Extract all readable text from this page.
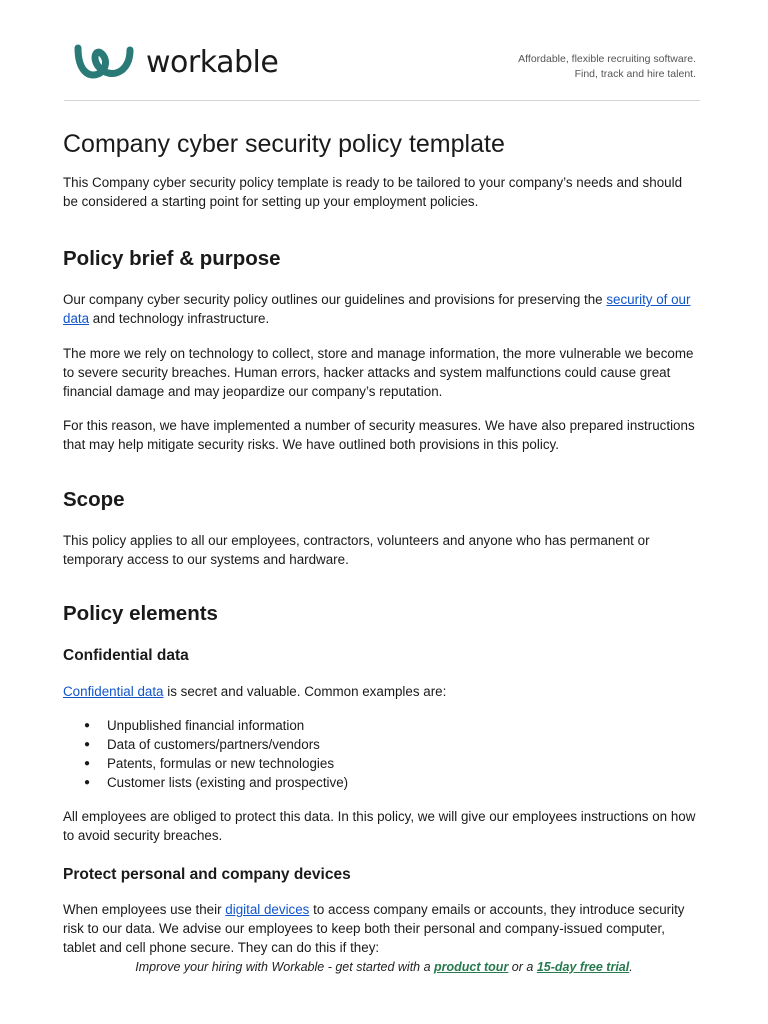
workable	Affordable, flexible recruiting software.
Find, track and hire talent.
Company cyber security policy template

This Company cyber security policy template is ready to be tailored to your company’s needs and should be considered a starting point for setting up your employment policies.

Policy brief & purpose

Our company cyber security policy outlines our guidelines and provisions for preserving the security of our data and technology infrastructure.

The more we rely on technology to collect, store and manage information, the more vulnerable we become to severe security breaches. Human errors, hacker attacks and system malfunctions could cause great financial damage and may jeopardize our company’s reputation.

For this reason, we have implemented a number of security measures. We have also prepared instructions that may help mitigate security risks. We have outlined both provisions in this policy.

Scope

This policy applies to all our employees, contractors, volunteers and anyone who has permanent or temporary access to our systems and hardware.

Policy elements
Confidential data

Confidential data is secret and valuable. Common examples are:

● Unpublished financial information
● Data of customers/partners/vendors
● Patents, formulas or new technologies
● Customer lists (existing and prospective)

All employees are obliged to protect this data. In this policy, we will give our employees instructions on how to avoid security breaches.

Protect personal and company devices

When employees use their digital devices to access company emails or accounts, they introduce security risk to our data. We advise our employees to keep both their personal and company-issued computer, tablet and cell phone secure. They can do this if they:

Improve your hiring with Workable - get started with a product tour or a 15-day free trial.
